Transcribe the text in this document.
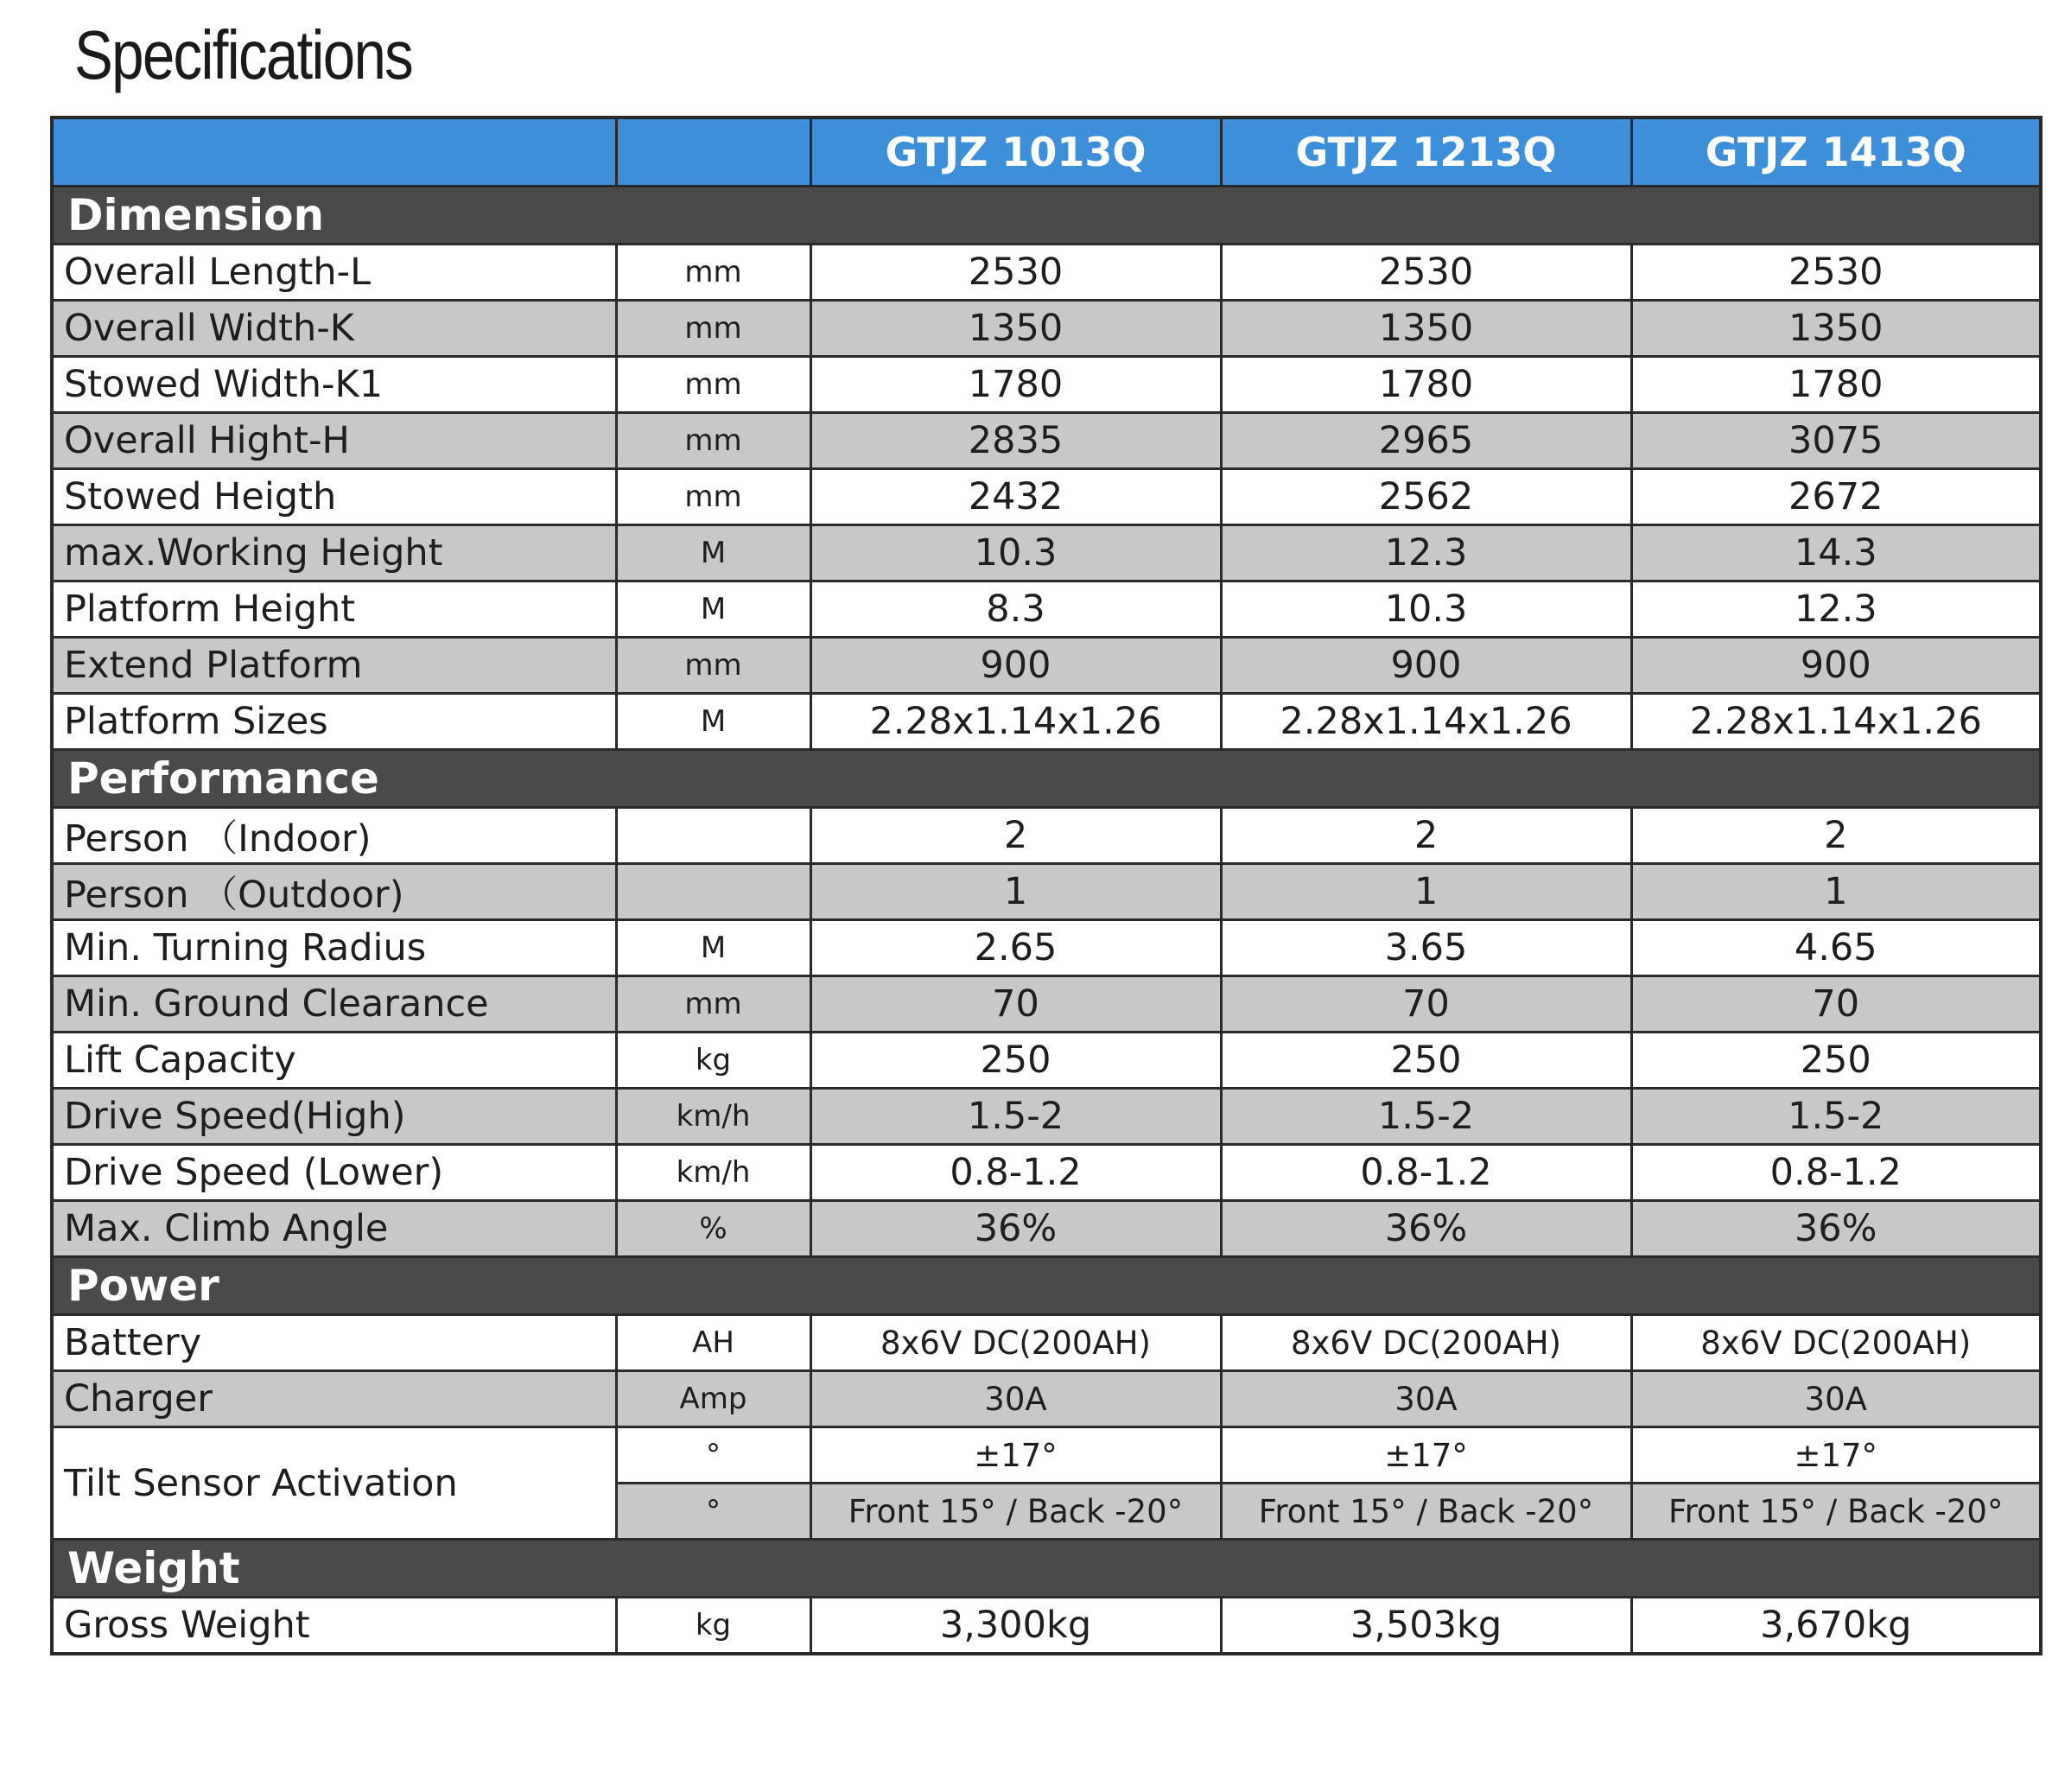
Specifications
		GTJZ 1013Q	GTJZ 1213Q	GTJZ 1413Q
Dimension				
Overall Length-L	mm	2530	2530	2530
Overall Width-K	mm	1350	1350	1350
Stowed Width-K1	mm	1780	1780	1780
Overall Hight-H	mm	2835	2965	3075
Stowed Heigth	mm	2432	2562	2672
max.Working Height	M	10.3	12.3	14.3
Platform Height	M	8.3	10.3	12.3
Extend Platform	mm	900	900	900
Platform Sizes	M	2.28x1.14x1.26	2.28x1.14x1.26	2.28x1.14x1.26
Performance				
Person （Indoor)		2	2	2
Person （Outdoor)		1	1	1
Min. Turning Radius	M	2.65	3.65	4.65
Min. Ground Clearance	mm	70	70	70
Lift Capacity	kg	250	250	250
Drive Speed(High)	km/h	1.5-2	1.5-2	1.5-2
Drive Speed (Lower)	km/h	0.8-1.2	0.8-1.2	0.8-1.2
Max. Climb Angle	%	36%	36%	36%
Power				
Battery	AH	8x6V DC(200AH)	8x6V DC(200AH)	8x6V DC(200AH)
Charger	Amp	30A	30A	30A
Tilt Sensor Activation	°	±17°	±17°	±17°
	°	Front 15° / Back -20°	Front 15° / Back -20°	Front 15° / Back -20°
Weight				
Gross Weight	kg	3,300kg	3,503kg	3,670kg
